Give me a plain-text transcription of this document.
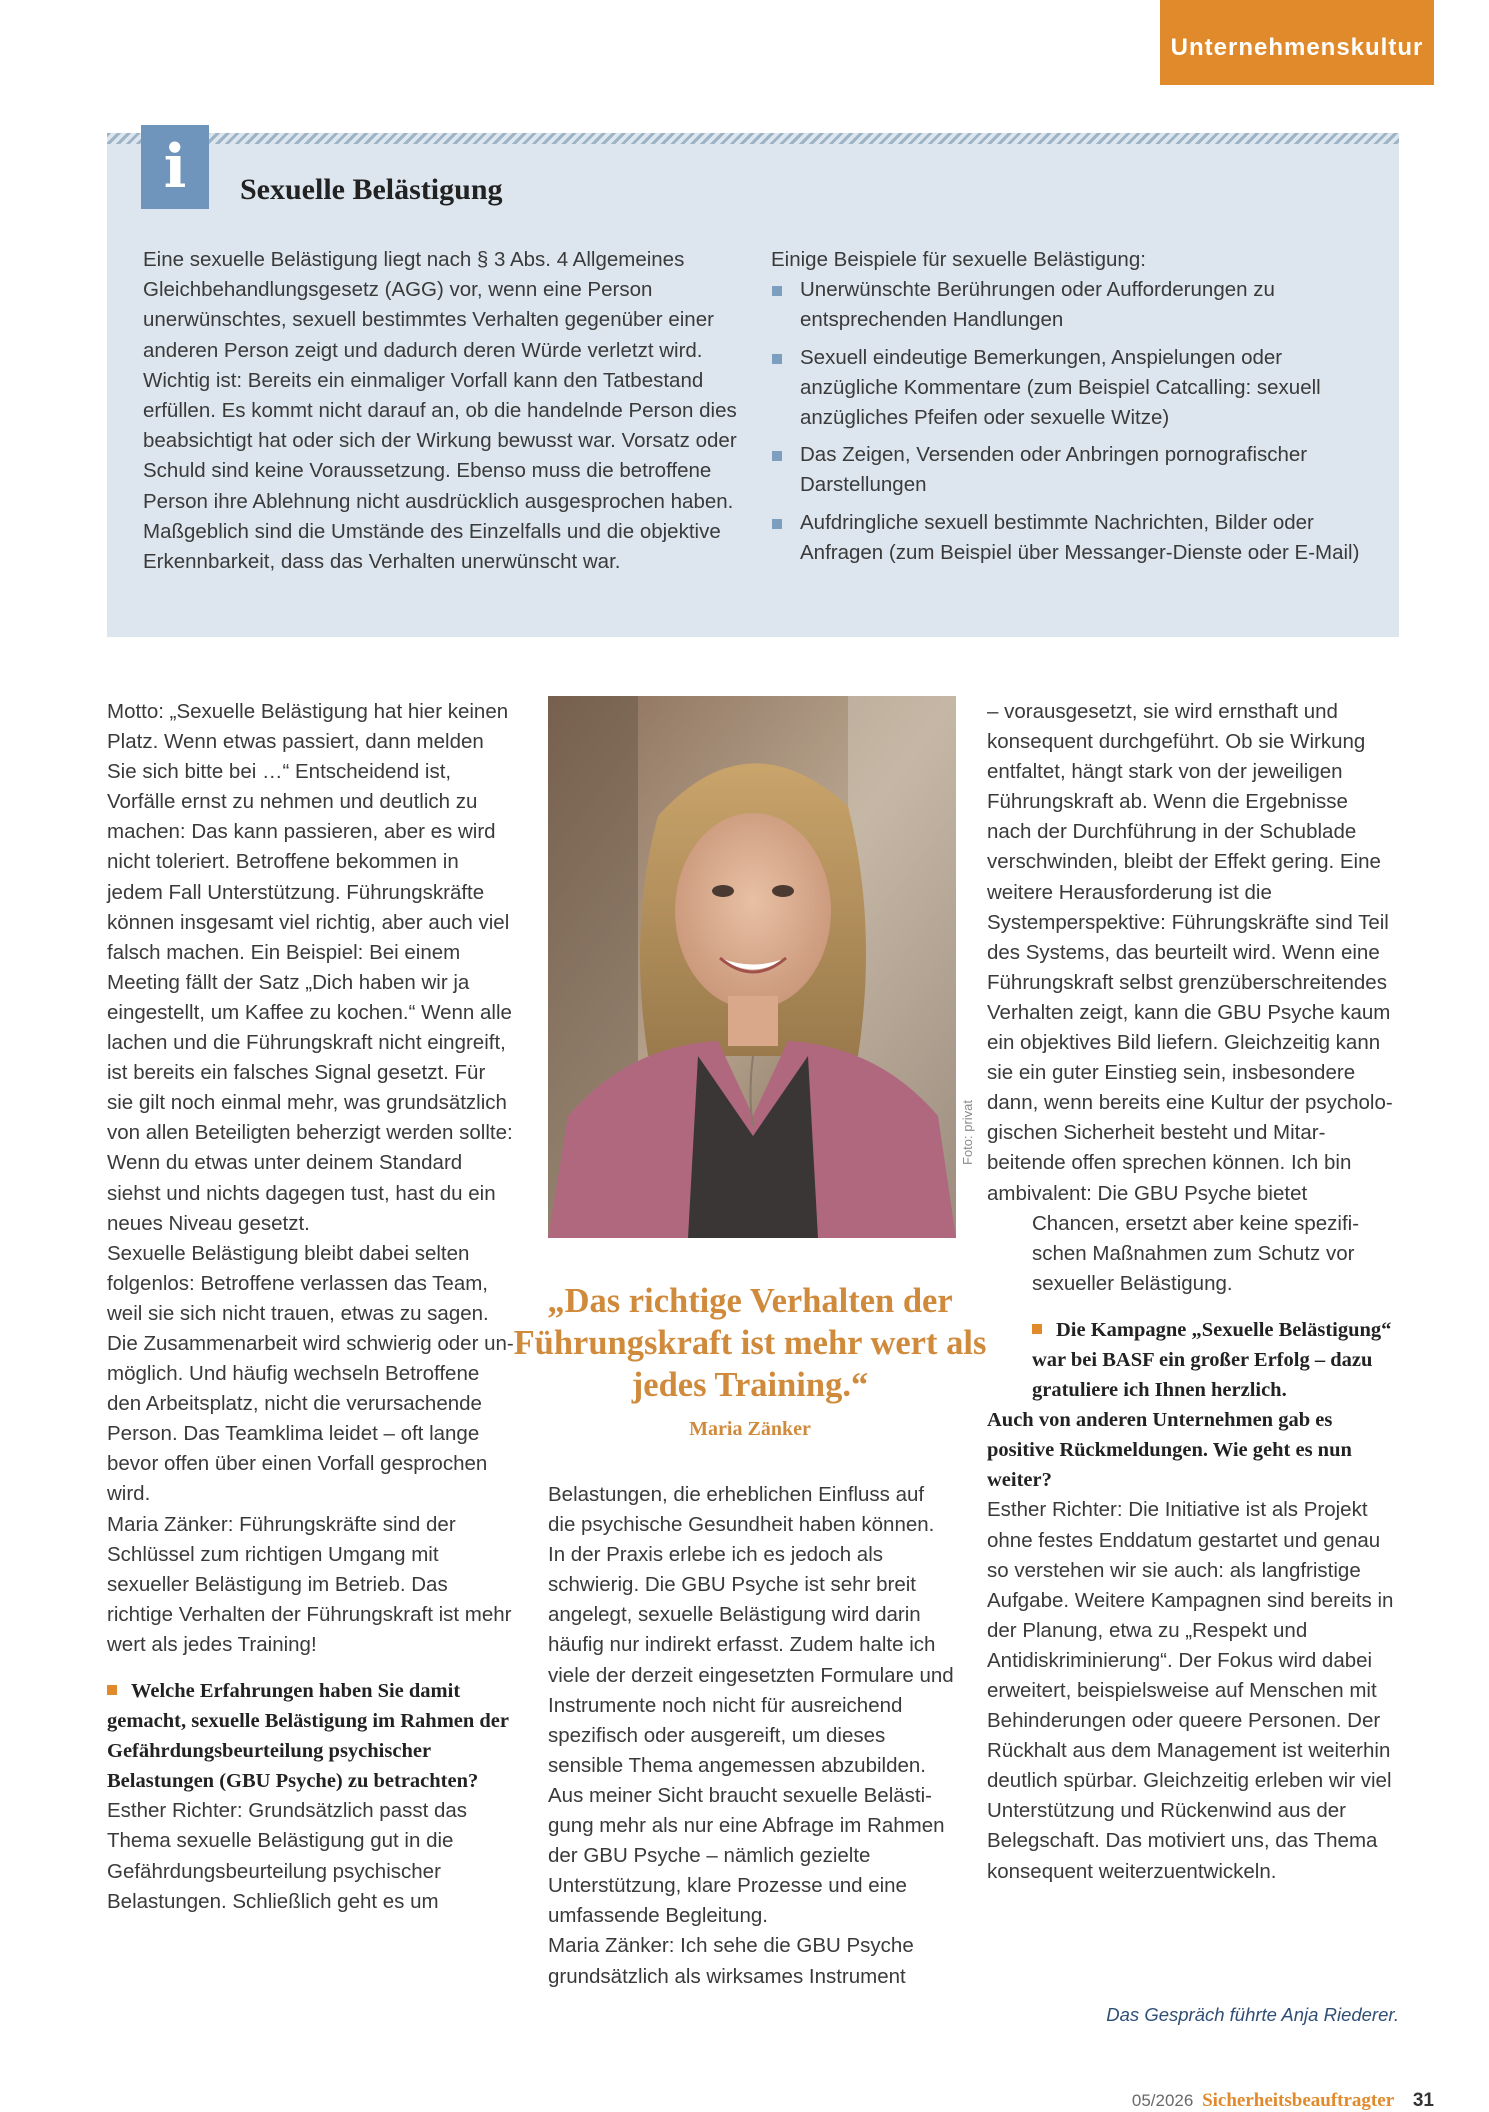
Unternehmenskultur
i	Sexuelle Belästigung
Eine sexuelle Belästigung liegt nach § 3 Abs. 4 Allgemeines Gleichbehandlungsgesetz (AGG) vor, wenn eine Person unerwünschtes, sexuell bestimmtes Verhalten gegenüber einer anderen Person zeigt und dadurch deren Würde verletzt wird. Wichtig ist: Bereits ein einmaliger Vorfall kann den Tatbestand erfüllen. Es kommt nicht darauf an, ob die handelnde Person dies beabsichtigt hat oder sich der Wirkung bewusst war. Vorsatz oder Schuld sind keine Voraussetzung. Ebenso muss die betroffene Person ihre Ablehnung nicht ausdrücklich ausgesprochen haben. Maßgeblich sind die Umstände des Einzelfalls und die objektive Erkennbarkeit, dass das Verhalten unerwünscht war.
Einige Beispiele für sexuelle Belästigung:
Unerwünschte Berührungen oder Aufforderungen zu entsprechenden Handlungen
Sexuell eindeutige Bemerkungen, Anspielungen oder anzügliche Kommentare (zum Beispiel Catcalling: sexuell anzügliches Pfeifen oder sexuelle Witze)
Das Zeigen, Versenden oder Anbringen pornografischer Darstellungen
Aufdringliche sexuell bestimmte Nachrichten, Bilder oder Anfragen (zum Beispiel über Messanger-Dienste oder E-Mail)

Motto: „Sexuelle Belästigung hat hier keinen Platz. Wenn etwas passiert, dann melden Sie sich bitte bei …“ Entscheidend ist, Vorfälle ernst zu nehmen und deutlich zu machen: Das kann passieren, aber es wird nicht toleriert. Betroffene bekommen in jedem Fall Unterstützung. Führungskräfte können insgesamt viel richtig, aber auch viel falsch machen. Ein Beispiel: Bei einem Meeting fällt der Satz „Dich haben wir ja eingestellt, um Kaffee zu kochen.“ Wenn alle lachen und die Führungskraft nicht eingreift, ist bereits ein falsches Signal gesetzt. Für sie gilt noch einmal mehr, was grundsätzlich von allen Beteiligten beherzigt werden sollte: Wenn du etwas unter deinem Standard siehst und nichts dagegen tust, hast du ein neues Niveau gesetzt.

Sexuelle Belästigung bleibt dabei selten folgenlos: Betroffene verlassen das Team, weil sie sich nicht trauen, etwas zu sagen. Die Zusammenarbeit wird schwierig oder unmöglich. Und häufig wechseln Betroffene den Arbeitsplatz, nicht die verursachende Person. Das Teamklima leidet – oft lange bevor offen über einen Vorfall gesprochen wird.

Maria Zänker: Führungskräfte sind der Schlüssel zum richtigen Umgang mit sexueller Belästigung im Betrieb. Das richtige Verhalten der Führungskraft ist mehr wert als jedes Training!

Welche Erfahrungen haben Sie damit gemacht, sexuelle Belästigung im Rahmen der Gefährdungsbeurteilung psychischer Belastungen (GBU Psyche) zu betrachten?

Esther Richter: Grundsätzlich passt das Thema sexuelle Belästigung gut in die Gefährdungsbeurteilung psychischer Belastungen. Schließlich geht es um

Foto: privat
„Das richtige Verhalten der Führungskraft ist mehr wert als jedes Training.“
Maria Zänker

Belastungen, die erheblichen Einfluss auf die psychische Gesundheit haben können. In der Praxis erlebe ich es jedoch als schwierig. Die GBU Psyche ist sehr breit angelegt, sexuelle Belästigung wird darin häufig nur indirekt erfasst. Zudem halte ich viele der derzeit eingesetzten Formulare und Instrumente noch nicht für ausreichend spezifisch oder ausgereift, um dieses sensible Thema angemessen abzubilden. Aus meiner Sicht braucht sexuelle Belästigung mehr als nur eine Abfrage im Rahmen der GBU Psyche – nämlich gezielte Unterstützung, klare Prozesse und eine umfassende Begleitung.

Maria Zänker: Ich sehe die GBU Psyche grundsätzlich als wirksames Instrument

– vorausgesetzt, sie wird ernsthaft und konsequent durchgeführt. Ob sie Wirkung entfaltet, hängt stark von der jeweiligen Führungskraft ab. Wenn die Ergebnisse nach der Durchführung in der Schublade verschwinden, bleibt der Effekt gering. Eine weitere Herausforderung ist die Systemperspektive: Führungskräfte sind Teil des Systems, das beurteilt wird. Wenn eine Führungskraft selbst grenzüberschreitendes Verhalten zeigt, kann die GBU Psyche kaum ein objektives Bild liefern. Gleichzeitig kann sie ein guter Einstieg sein, insbesondere dann, wenn bereits eine Kultur der psychologischen Sicherheit besteht und Mitarbeitende offen sprechen können. Ich bin ambivalent: Die GBU Psyche bietet

Chancen, ersetzt aber keine spezifischen Maßnahmen zum Schutz vor sexueller Belästigung.

Die Kampagne „Sexuelle Belästigung“ war bei BASF ein großer Erfolg – dazu gratuliere ich Ihnen herzlich.
Auch von anderen Unternehmen gab es positive Rückmeldungen. Wie geht es nun weiter?

Esther Richter: Die Initiative ist als Projekt ohne festes Enddatum gestartet und genau so verstehen wir sie auch: als langfristige Aufgabe. Weitere Kampagnen sind bereits in der Planung, etwa zu „Respekt und Antidiskriminierung“. Der Fokus wird dabei erweitert, beispielsweise auf Menschen mit Behinderungen oder queere Personen. Der Rückhalt aus dem Management ist weiterhin deutlich spürbar. Gleichzeitig erleben wir viel Unterstützung und Rückenwind aus der Belegschaft. Das motiviert uns, das Thema konsequent weiterzuentwickeln.

Das Gespräch führte Anja Riederer.
05/2026 Sicherheitsbeauftragter 31
